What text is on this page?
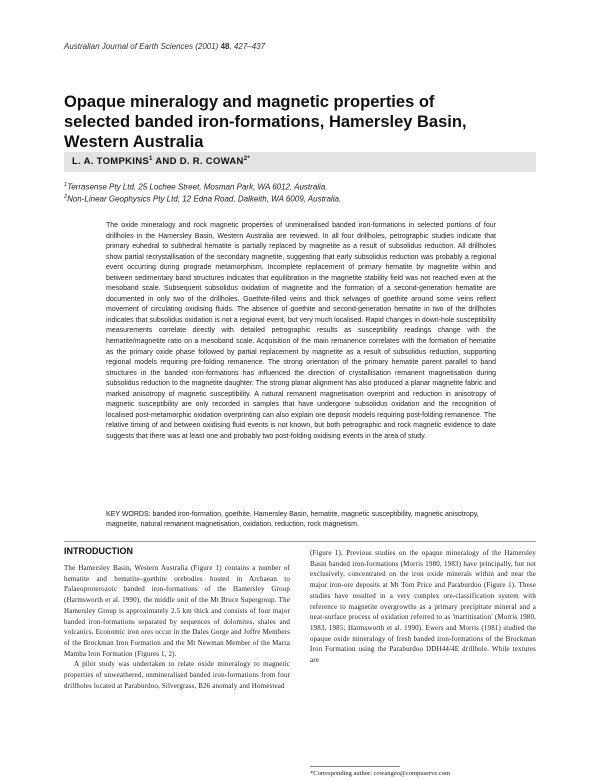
Australian Journal of Earth Sciences (2001) 48, 427–437
Opaque mineralogy and magnetic properties of selected banded iron-formations, Hamersley Basin, Western Australia
L. A. TOMPKINS$^1$ AND D. R. $COWAN^{2*}$
$^1$Terrasense Pty Ltd, 25 Lochee Street, Mosman Park, WA 6012, Australia.
$^2$Non-Linear Geophysics Pty Ltd, 12 Edna Road, Dalkeith, WA 6009, Australia.
The oxide mineralogy and rock magnetic properties of unmineralised banded iron-formations in selected portions of four drillholes in the Hamersley Basin, Western Australia are reviewed. In all four drillholes, petrographic studies indicate that primary euhedral to subhedral hematite is partially replaced by magnetite as a result of subsolidus reduction. All drillholes show partial recrystallisation of the secondary magnetite, suggesting that early subsolidus reduction was probably a regional event occurring during prograde metamorphism. Incomplete replacement of primary hematite by magnetite within and between sedimentary band structures indicates that equilibration in the magnetite stability field was not reached even at the mesoband scale. Subsequent subsolidus oxidation of magnetite and the formation of a second-generation hematite are documented in only two of the drillholes. Goethite-filled veins and thick selvages of goethite around some veins reflect movement of circulating oxidising fluids. The absence of goethite and second-generation hematite in two of the drillholes indicates that subsolidus oxidation is not a regional event, but very much localised. Rapid changes in down-hole susceptibility measurements correlate directly with detailed petrographic results as susceptibility readings change with the hematite/magnetite ratio on a mesoband scale. Acquisition of the main remanence correlates with the formation of hematite as the primary oxide phase followed by partial replacement by magnetite as a result of subsolidus reduction, supporting regional models requiring pre-folding remanence. The strong orientation of the primary hematite parent parallel to band structures in the banded iron-formations has influenced the direction of crystallisation remanent magnetisation during subsolidus reduction to the magnetite daughter. The strong planar alignment has also produced a planar magnetite fabric and marked anisotropy of magnetic susceptibility. A natural remanent magnetisation overprint and reduction in anisotropy of magnetic susceptibility are only recorded in samples that have undergone subsolidus oxidation and the recognition of localised post-metamorphic oxidation overprinting can also explain ore deposit models requiring post-folding remanence. The relative timing of and between oxidising fluid events is not known, but both petrographic and rock magnetic evidence to date suggests that there was at least one and probably two post-folding oxidising events in the area of study.
KEY WORDS: banded iron-formation, goethite, Hamersley Basin, hematite, magnetic susceptibility, magnetic anisotropy, magnetite, natural remanent magnetisation, oxidation, reduction, rock magnetism.
INTRODUCTION

The Hamersley Basin, Western Australia (Figure 1) contains a number of hematite and hematite–goethite orebodies hosted in Archaean to Palaeoproterozoic banded iron-formations of the Hamersley Group (Harmsworth et al. 1990), the middle unit of the Mt Bruce Supergroup. The Hamersley Group is approximately 2.5 km thick and consists of four major banded iron-formations separated by sequences of dolomites, shales and volcanics. Economic iron ores occur in the Dales Gorge and Joffre Members of the Brockman Iron Formation and the Mt Newman Member of the Marra Mamba Iron Formation (Figures 1, 2).

A pilot study was undertaken to relate oxide mineralogy to magnetic properties of unweathered, unmineralised banded iron-formations from four drillholes located at Paraburdoo, Silvergrass, B26 anomaly and Homestead

(Figure 1). Previous studies on the opaque mineralogy of the Hamersley Basin banded iron-formations (Morris 1980, 1983) have principally, but not exclusively, concentrated on the iron oxide minerals within and near the major iron-ore deposits at Mt Tom Price and Paraburdoo (Figure 1). These studies have resulted in a very complex ore-classification system with reference to magnetite overgrowths as a primary precipitate mineral and a near-surface process of oxidation referred to as 'martitisation' (Morris 1980, 1983, 1985; Harmsworth et al. 1990). Ewers and Morris (1981) studied the opaque oxide mineralogy of fresh banded iron-formations of the Brockman Iron Formation using the Paraburdoo DDH44/4E drillhole. While textures are

*Corresponding author: cowangeo@compuserve.com
